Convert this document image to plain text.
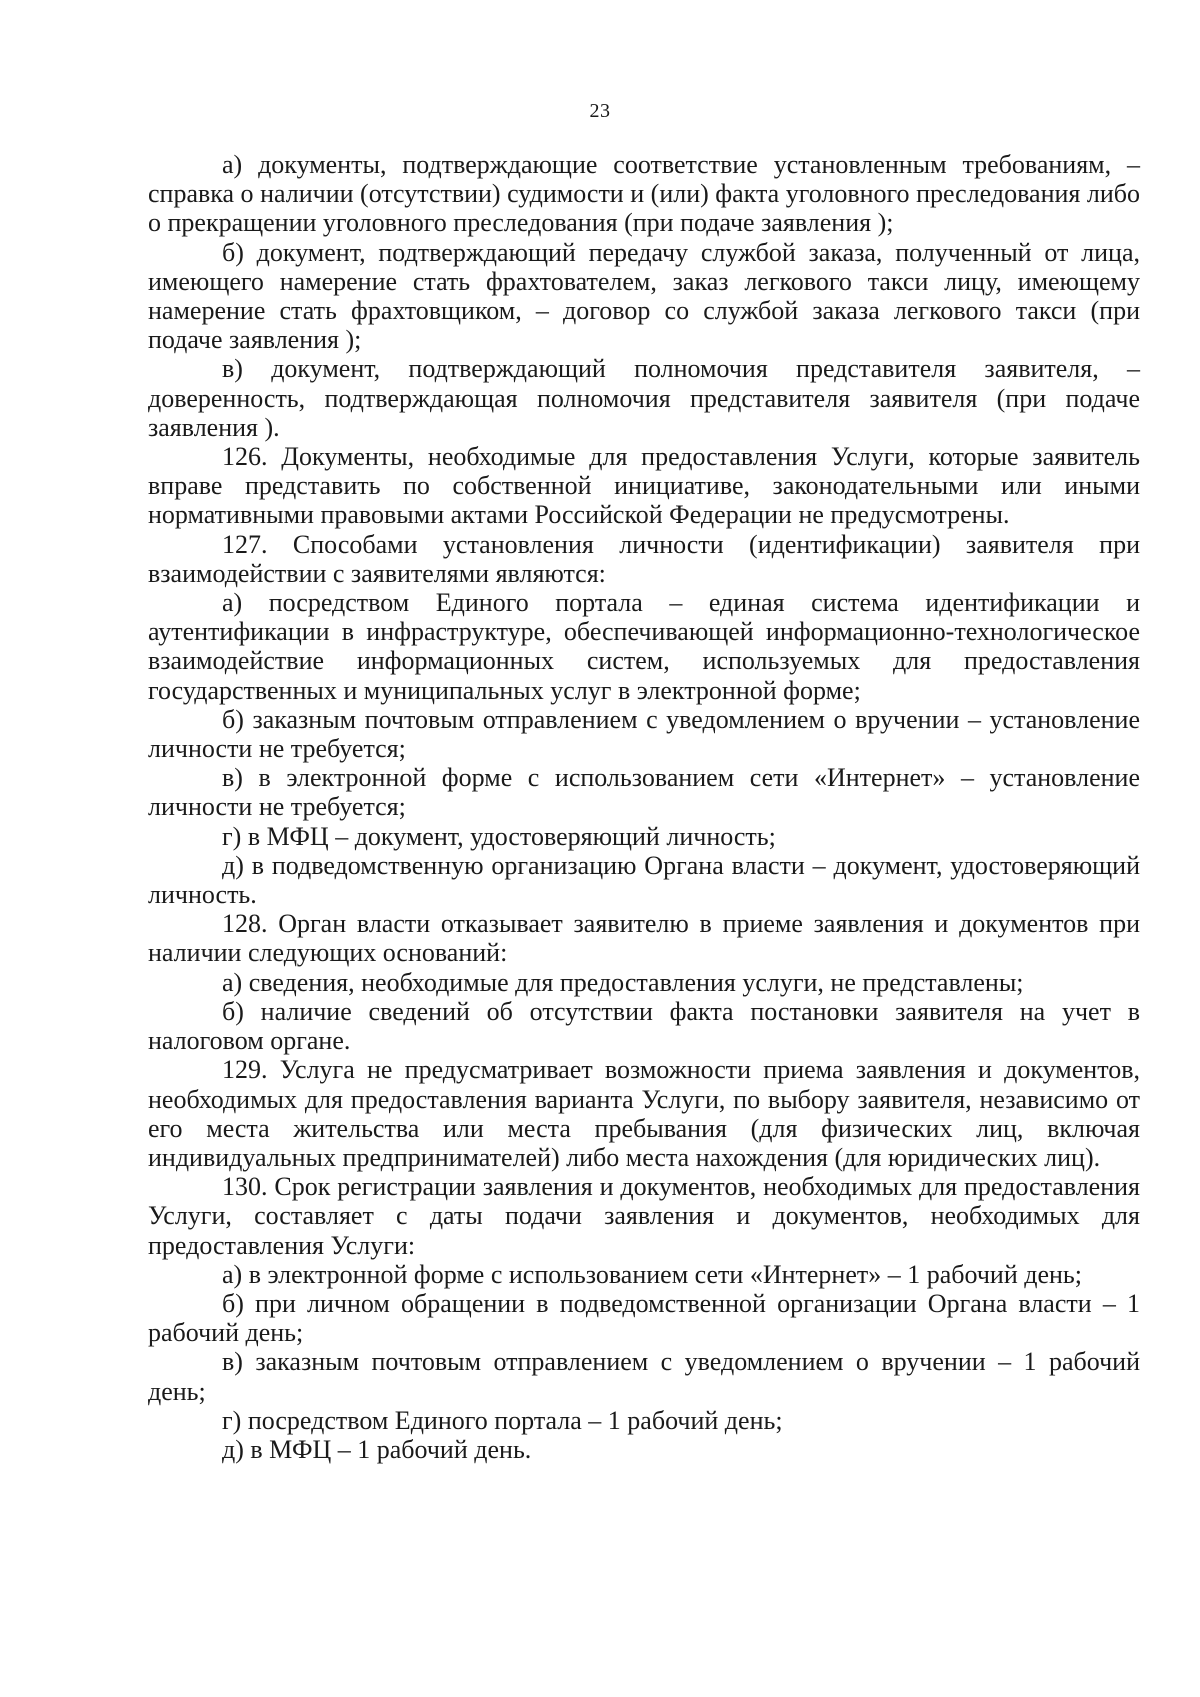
23

а) документы, подтверждающие соответствие установленным требованиям, – справка о наличии (отсутствии) судимости и (или) факта уголовного преследования либо о прекращении уголовного преследования (при подаче заявления );

б) документ, подтверждающий передачу службой заказа, полученный от лица, имеющего намерение стать фрахтователем, заказ легкового такси лицу, имеющему намерение стать фрахтовщиком, – договор со службой заказа легкового такси (при подаче заявления );

в) документ, подтверждающий полномочия представителя заявителя, – доверенность, подтверждающая полномочия представителя заявителя (при подаче заявления ).

126. Документы, необходимые для предоставления Услуги, которые заявитель вправе представить по собственной инициативе, законодательными или иными нормативными правовыми актами Российской Федерации не предусмотрены.

127. Способами установления личности (идентификации) заявителя при взаимодействии с заявителями являются:

а) посредством Единого портала – единая система идентификации и аутентификации в инфраструктуре, обеспечивающей информационно-технологическое взаимодействие информационных систем, используемых для предоставления государственных и муниципальных услуг в электронной форме;

б) заказным почтовым отправлением с уведомлением о вручении – установление личности не требуется;

в) в электронной форме с использованием сети «Интернет» – установление личности не требуется;

г) в МФЦ – документ, удостоверяющий личность;

д) в подведомственную организацию Органа власти – документ, удостоверяющий личность.

128. Орган власти отказывает заявителю в приеме заявления и документов при наличии следующих оснований:

а) сведения, необходимые для предоставления услуги, не представлены;

б) наличие сведений об отсутствии факта постановки заявителя на учет в налоговом органе.

129. Услуга не предусматривает возможности приема заявления и документов, необходимых для предоставления варианта Услуги, по выбору заявителя, независимо от его места жительства или места пребывания (для физических лиц, включая индивидуальных предпринимателей) либо места нахождения (для юридических лиц).

130. Срок регистрации заявления и документов, необходимых для предоставления Услуги, составляет с даты подачи заявления и документов, необходимых для предоставления Услуги:

а) в электронной форме с использованием сети «Интернет» – 1 рабочий день;

б) при личном обращении в подведомственной организации Органа власти – 1 рабочий день;

в) заказным почтовым отправлением с уведомлением о вручении – 1 рабочий день;

г) посредством Единого портала – 1 рабочий день;

д) в МФЦ – 1 рабочий день.
